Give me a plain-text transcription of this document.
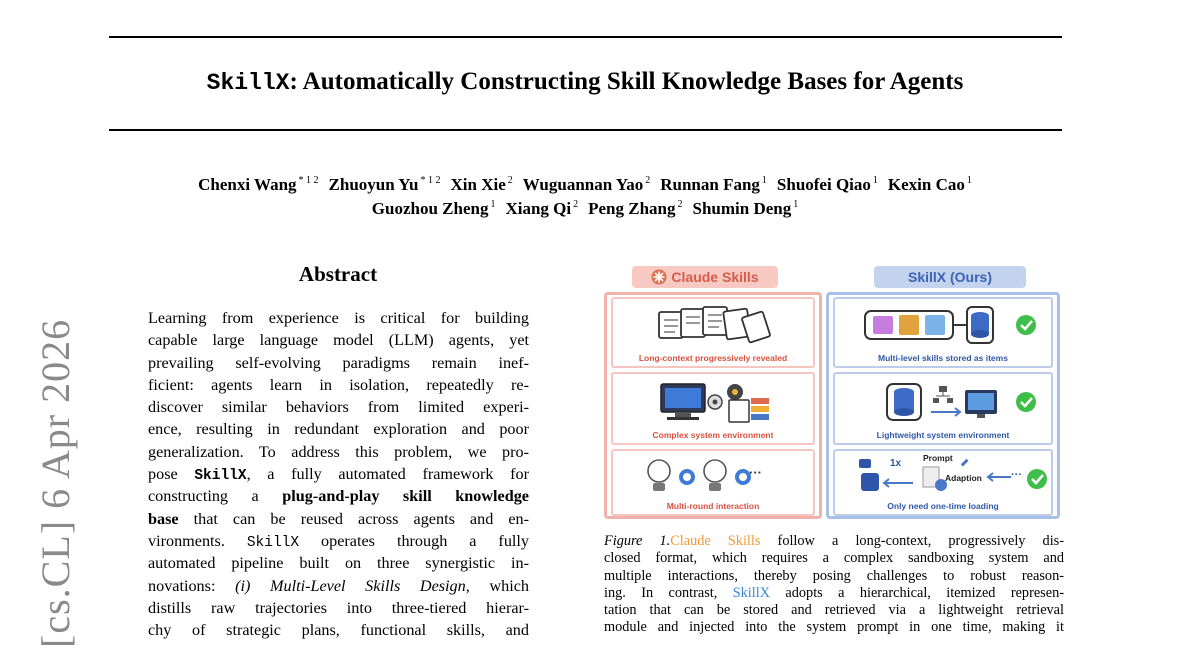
SkillX: Automatically Constructing Skill Knowledge Bases for Agents
Chenxi Wang $^{* 1 2}$ Zhuoyun Yu $^{* 1 2}$ Xin Xie $^2$ Wuguannan Yao $^2$ Runnan Fang $^1$ Shuofei Qiao $^1$ Kexin Cao $^1$
Guozhou Zheng $^1$ Xiang Qi $^2$ Peng Zhang $^2$ Shumin Deng $^1$
[cs.CL] 6 Apr 2026
Abstract
Learning from experience is critical for building
capable large language model (LLM) agents, yet
prevailing self-evolving paradigms remain inef-
ficient: agents learn in isolation, repeatedly re-
discover similar behaviors from limited experi-
ence, resulting in redundant exploration and poor
generalization. To address this problem, we pro-
pose SkillX, a fully automated framework for
constructing a plug-and-play skill knowledge
base that can be reused across agents and en-
vironments. SkillX operates through a fully
automated pipeline built on three synergistic in-
novations: (i) Multi-Level Skills Design, which
distills raw trajectories into three-tiered hierar-
chy of strategic plans, functional skills, and
Claude Skills	SkillX (Ours)
Long-context progressively revealed
Complex system environment
···
Multi-round interaction
Multi-level skills stored as items
Lightweight system environment
1x	Prompt
Adaption	···
Only need one-time loading
Figure 1.Claude Skills follow a long-context, progressively dis-
closed format, which requires a complex sandboxing system and
multiple interactions, thereby posing challenges to robust reason-
ing. In contrast, SkillX adopts a hierarchical, itemized represen-
tation that can be stored and retrieved via a lightweight retrieval
module and injected into the system prompt in one time, making it
